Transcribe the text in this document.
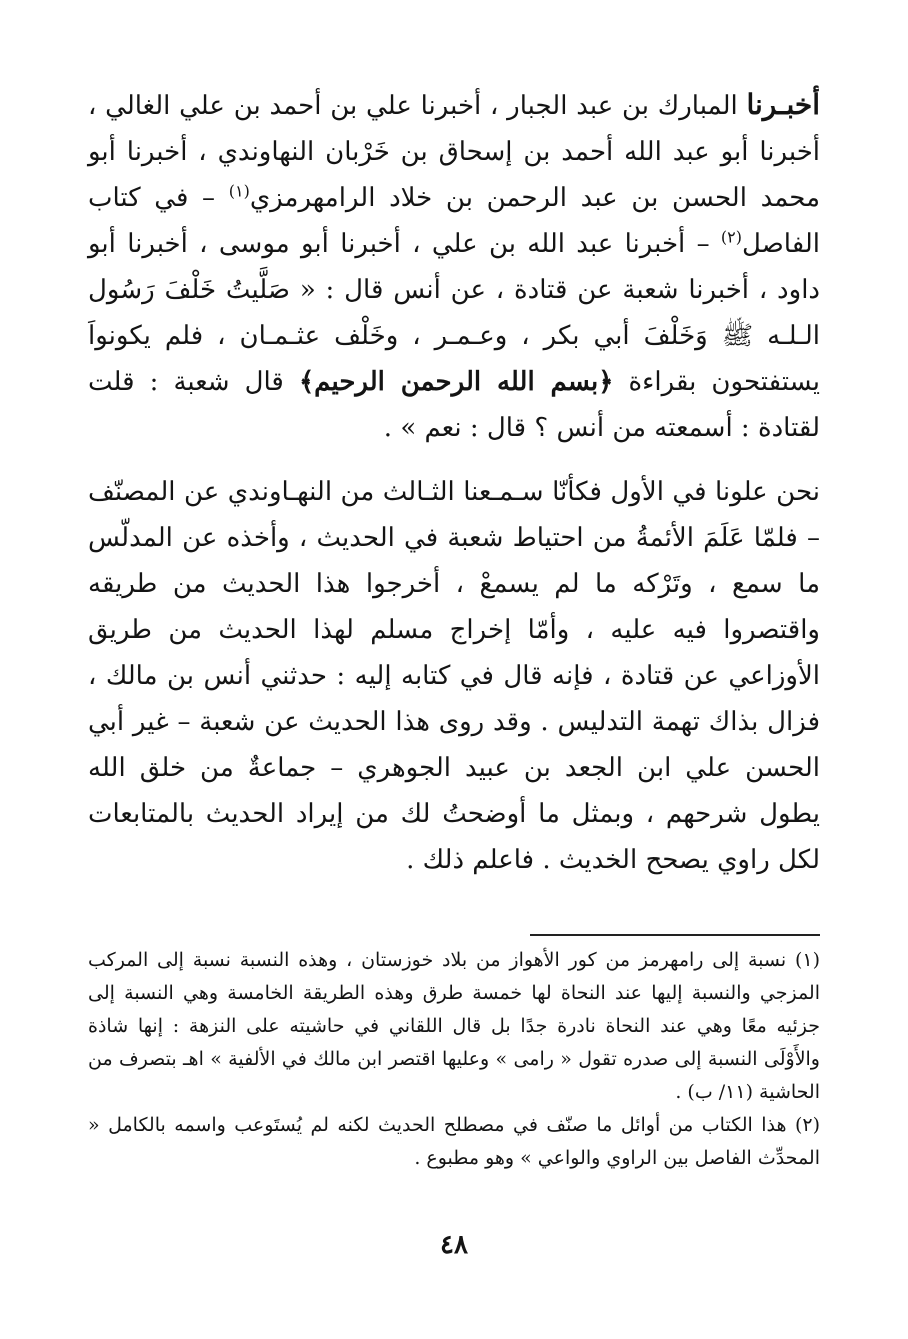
أخبـرنا المبارك بن عبد الجبار ، أخبرنا علي بن أحمد بن علي الغالي ، أخبرنا أبو عبد الله أحمد بن إسحاق بن خَرْبان النهاوندي ، أخبرنا أبو محمد الحسن بن عبد الرحمن بن خلاد الرامهرمزي$^{(١)}$ – في كتاب الفاصل$^{(٢)}$ – أخبرنا عبد الله بن علي ، أخبرنا أبو موسى ، أخبرنا أبو داود ، أخبرنا شعبة عن قتادة ، عن أنس قال : « صَلَّيتُ خَلْفَ رَسُول الـلـه ﷺ وَخَلْفَ أبي بكر ، وعـمـر ، وخَلْف عثـمـان ، فلم يكونواَ يستفتحون بقراءة ﴿بسم الله الرحمن الرحيم﴾ قال شعبة : قلت لقتادة : أسمعته من أنس ؟ قال : نعم » .

نحن علونا في الأول فكأنّا سـمـعنا الثـالث من النهـاوندي عن المصنّف – فلمّا عَلَمَ الأئمةُ من احتياط شعبة في الحديث ، وأخذه عن المدلّس ما سمع ، وتَرْكه ما لم يسمعْ ، أخرجوا هذا الحديث من طريقه واقتصروا فيه عليه ، وأمّا إخراج مسلم لهذا الحديث من طريق الأوزاعي عن قتادة ، فإنه قال في كتابه إليه : حدثني أنس بن مالك ، فزال بذاك تهمة التدليس . وقد روى هذا الحديث عن شعبة – غير أبي الحسن علي ابن الجعد بن عبيد الجوهري – جماعةٌ من خلق الله يطول شرحهم ، وبمثل ما أوضحتُ لك من إيراد الحديث بالمتابعات لكل راوي يصحح الخديث . فاعلم ذلك .

(١) نسبة إلى رامهرمز من كور الأهواز من بلاد خوزستان ، وهذه النسبة نسبة إلى المركب المزجي والنسبة إليها عند النحاة لها خمسة طرق وهذه الطريقة الخامسة وهي النسبة إلى جزئيه معًا وهي عند النحاة نادرة جدًا بل قال اللقاني في حاشيته على النزهة : إنها شاذة والأَوْلَى النسبة إلى صدره تقول « رامى » وعليها اقتصر ابن مالك في الألفية » اهـ بتصرف من الحاشية (١١/ ب) .

(٢) هذا الكتاب من أوائل ما صنّف في مصطلح الحديث لكنه لم يُستَوعب واسمه بالكامل « المحدِّث الفاصل بين الراوي والواعي » وهو مطبوع .

٤٨
